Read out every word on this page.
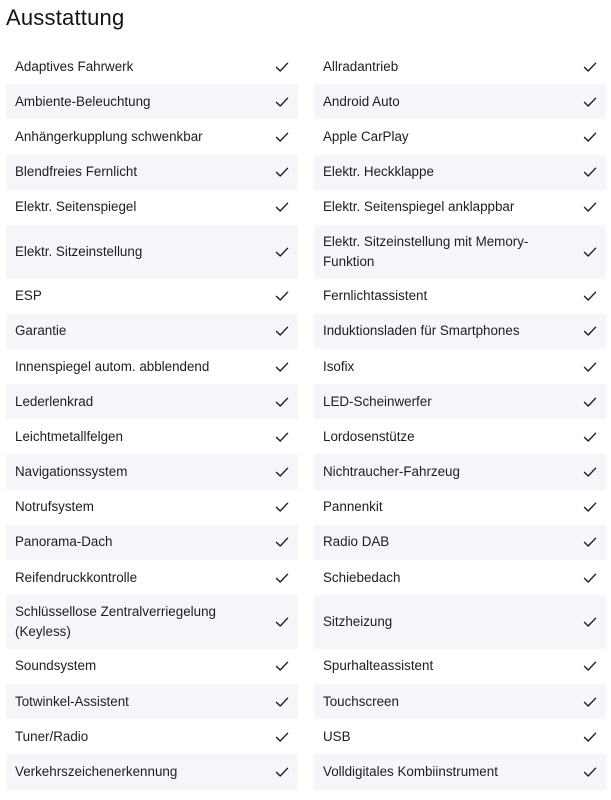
Ausstattung
Adaptives Fahrwerk
Ambiente-Beleuchtung
Anhängerkupplung schwenkbar
Blendfreies Fernlicht
Elektr. Seitenspiegel
Elektr. Sitzeinstellung
ESP
Garantie
Innenspiegel autom. abblendend
Lederlenkrad
Leichtmetallfelgen
Navigationssystem
Notrufsystem
Panorama-Dach
Reifendruckkontrolle
Schlüssellose Zentralverriegelung (Keyless)
Soundsystem
Totwinkel-Assistent
Tuner/Radio
Verkehrszeichenerkennung
Allradantrieb
Android Auto
Apple CarPlay
Elektr. Heckklappe
Elektr. Seitenspiegel anklappbar
Elektr. Sitzeinstellung mit Memory-Funktion
Fernlichtassistent
Induktionsladen für Smartphones
Isofix
LED-Scheinwerfer
Lordosenstütze
Nichtraucher-Fahrzeug
Pannenkit
Radio DAB
Schiebedach
Sitzheizung
Spurhalteassistent
Touchscreen
USB
Volldigitales Kombiinstrument
